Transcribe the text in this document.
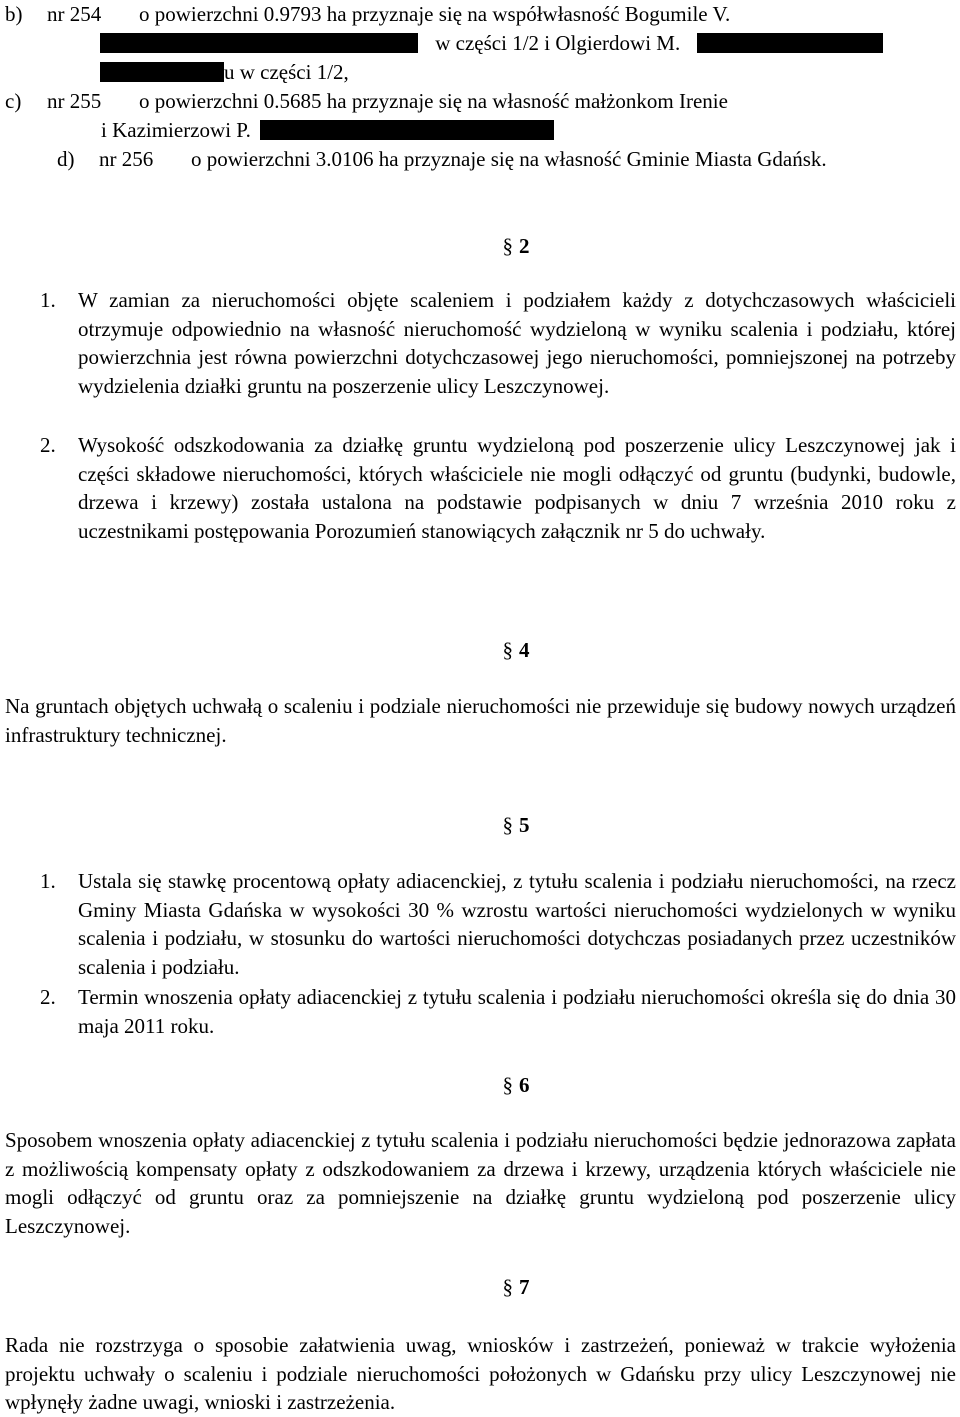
b) nr 254 o powierzchni 0.9793 ha przyznaje się na współwłasność Bogumile V.
w części 1/2 i Olgierdowi M.
u w części 1/2,
c) nr 255 o powierzchni 0.5685 ha przyznaje się na własność małżonkom Irenie
i Kazimierzowi P.
d) nr 256 o powierzchni 3.0106 ha przyznaje się na własność Gminie Miasta Gdańsk.
§ 2
1.	W zamian za nieruchomości objęte scaleniem i podziałem każdy z dotychczasowych właścicieli otrzymuje odpowiednio na własność nieruchomość wydzieloną w wyniku scalenia i podziału, której powierzchnia jest równa powierzchni dotychczasowej jego nieruchomości, pomniejszonej na potrzeby wydzielenia działki gruntu na poszerzenie ulicy Leszczynowej.
2.	Wysokość odszkodowania za działkę gruntu wydzieloną pod poszerzenie ulicy Leszczynowej jak i części składowe nieruchomości, których właściciele nie mogli odłączyć od gruntu (budynki, budowle, drzewa i krzewy) została ustalona na podstawie podpisanych w dniu 7 września 2010 roku z uczestnikami postępowania Porozumień stanowiących załącznik nr 5 do uchwały.
§ 4
Na gruntach objętych uchwałą o scaleniu i podziale nieruchomości nie przewiduje się budowy nowych urządzeń infrastruktury technicznej.
§ 5
1.	Ustala się stawkę procentową opłaty adiacenckiej, z tytułu scalenia i podziału nieruchomości, na rzecz Gminy Miasta Gdańska w wysokości 30 % wzrostu wartości nieruchomości wydzielonych w wyniku scalenia i podziału, w stosunku do wartości nieruchomości dotychczas posiadanych przez uczestników scalenia i podziału.
2.	Termin wnoszenia opłaty adiacenckiej z tytułu scalenia i podziału nieruchomości określa się do dnia 30 maja 2011 roku.
§ 6
Sposobem wnoszenia opłaty adiacenckiej z tytułu scalenia i podziału nieruchomości będzie jednorazowa zapłata z możliwością kompensaty opłaty z odszkodowaniem za drzewa i krzewy, urządzenia których właściciele nie mogli odłączyć od gruntu oraz za pomniejszenie na działkę gruntu wydzieloną pod poszerzenie ulicy Leszczynowej.
§ 7
Rada nie rozstrzyga o sposobie załatwienia uwag, wniosków i zastrzeżeń, ponieważ w trakcie wyłożenia projektu uchwały o scaleniu i podziale nieruchomości położonych w Gdańsku przy ulicy Leszczynowej nie wpłynęły żadne uwagi, wnioski i zastrzeżenia.
